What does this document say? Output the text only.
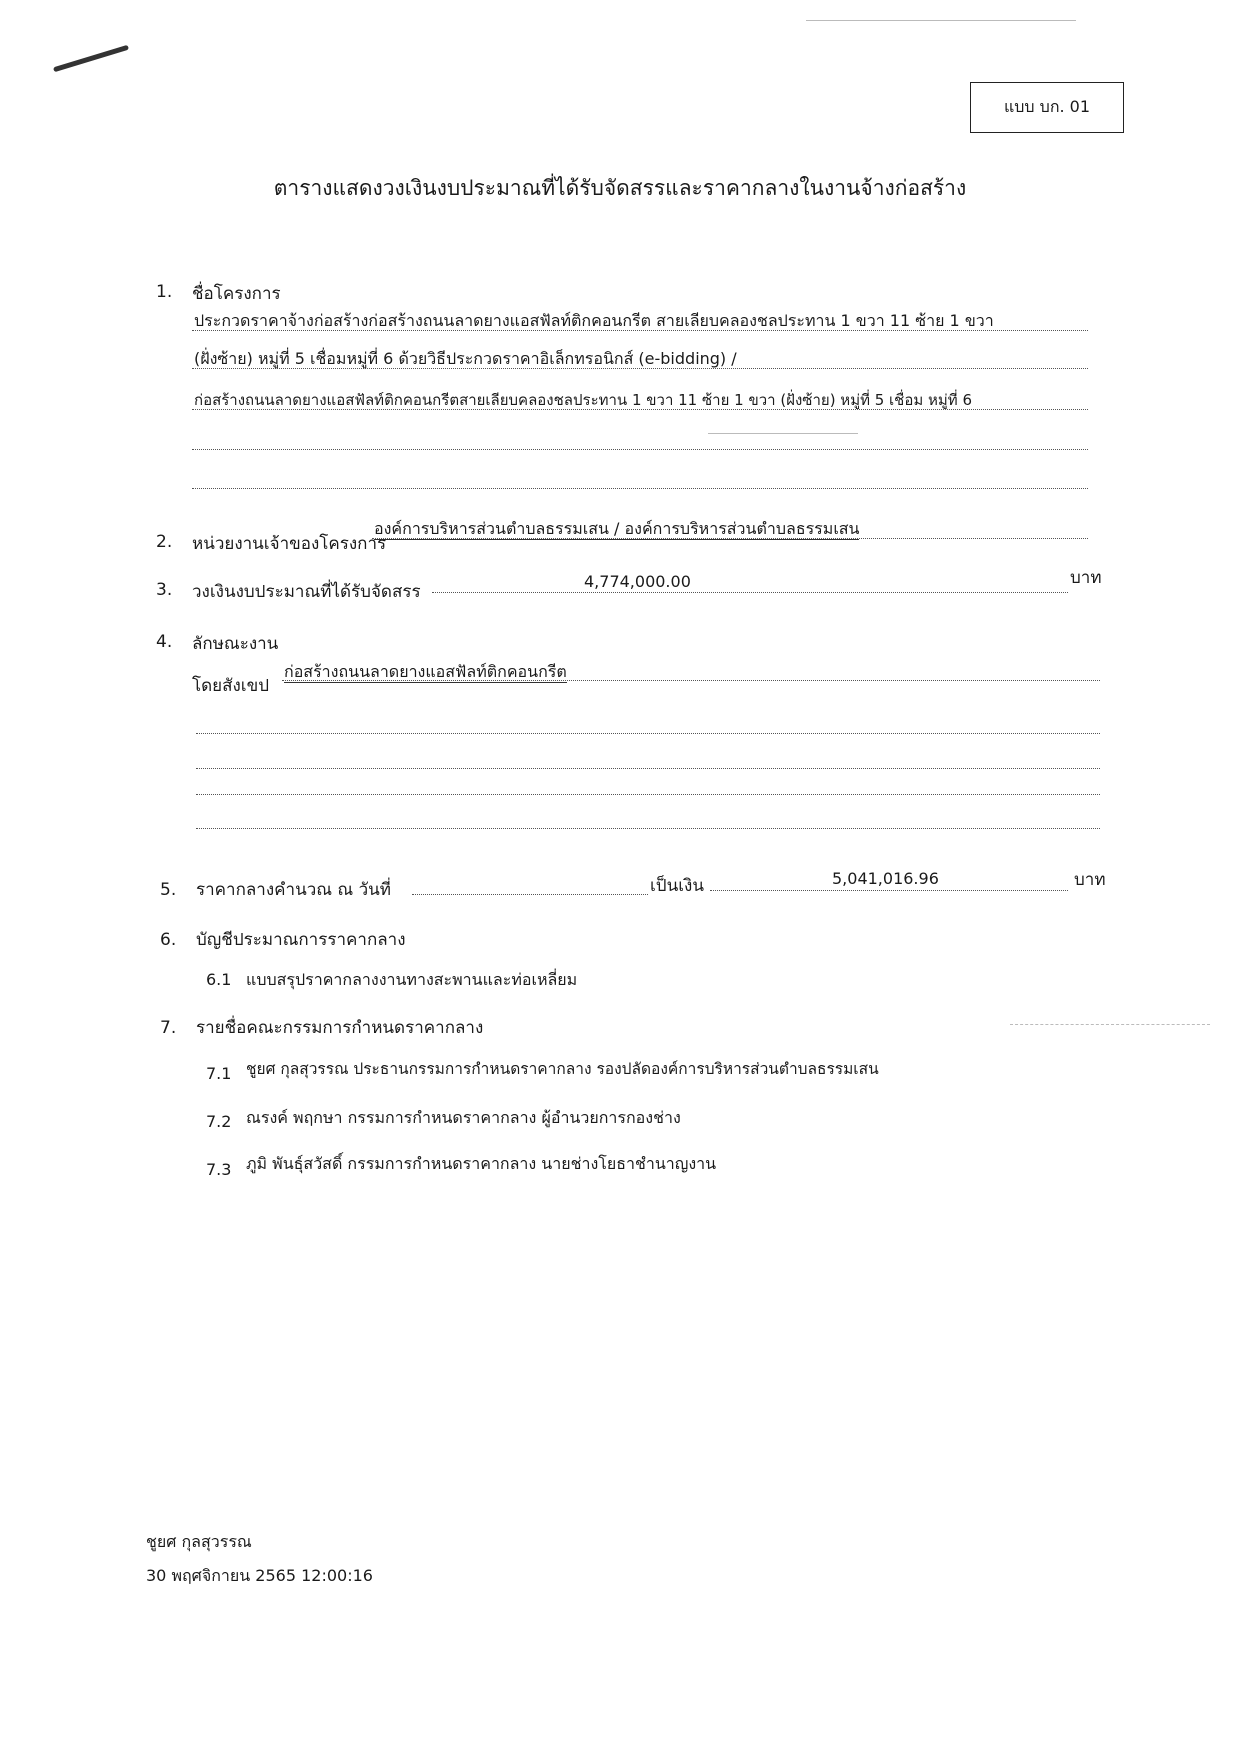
แบบ บก. 01
ตารางแสดงวงเงินงบประมาณที่ได้รับจัดสรรและราคากลางในงานจ้างก่อสร้าง
1. ชื่อโครงการ
ประกวดราคาจ้างก่อสร้างก่อสร้างถนนลาดยางแอสฟัลท์ติกคอนกรีต สายเลียบคลองชลประทาน 1 ขวา 11 ซ้าย 1 ขวา
(ฝั่งซ้าย) หมู่ที่ 5 เชื่อมหมู่ที่ 6 ด้วยวิธีประกวดราคาอิเล็กทรอนิกส์ (e-bidding) /
ก่อสร้างถนนลาดยางแอสฟัลท์ติกคอนกรีตสายเลียบคลองชลประทาน 1 ขวา 11 ซ้าย 1 ขวา (ฝั่งซ้าย) หมู่ที่ 5 เชื่อม หมู่ที่ 6
2. หน่วยงานเจ้าของโครงการ
องค์การบริหารส่วนตำบลธรรมเสน / องค์การบริหารส่วนตำบลธรรมเสน
3. วงเงินงบประมาณที่ได้รับจัดสรร
4,774,000.00	บาท
4. ลักษณะงาน
โดยสังเขป
ก่อสร้างถนนลาดยางแอสฟัลท์ติกคอนกรีต
5. ราคากลางคำนวณ ณ วันที่	เป็นเงิน	5,041,016.96	บาท
6. บัญชีประมาณการราคากลาง
6.1 แบบสรุปราคากลางงานทางสะพานและท่อเหลี่ยม
7. รายชื่อคณะกรรมการกำหนดราคากลาง
7.1 ชูยศ กุลสุวรรณ ประธานกรรมการกำหนดราคากลาง รองปลัดองค์การบริหารส่วนตำบลธรรมเสน
7.2 ณรงค์ พฤกษา กรรมการกำหนดราคากลาง ผู้อำนวยการกองช่าง
7.3 ภูมิ พันธุ์สวัสดิ์ กรรมการกำหนดราคากลาง นายช่างโยธาชำนาญงาน
ชูยศ กุลสุวรรณ
30 พฤศจิกายน 2565 12:00:16
